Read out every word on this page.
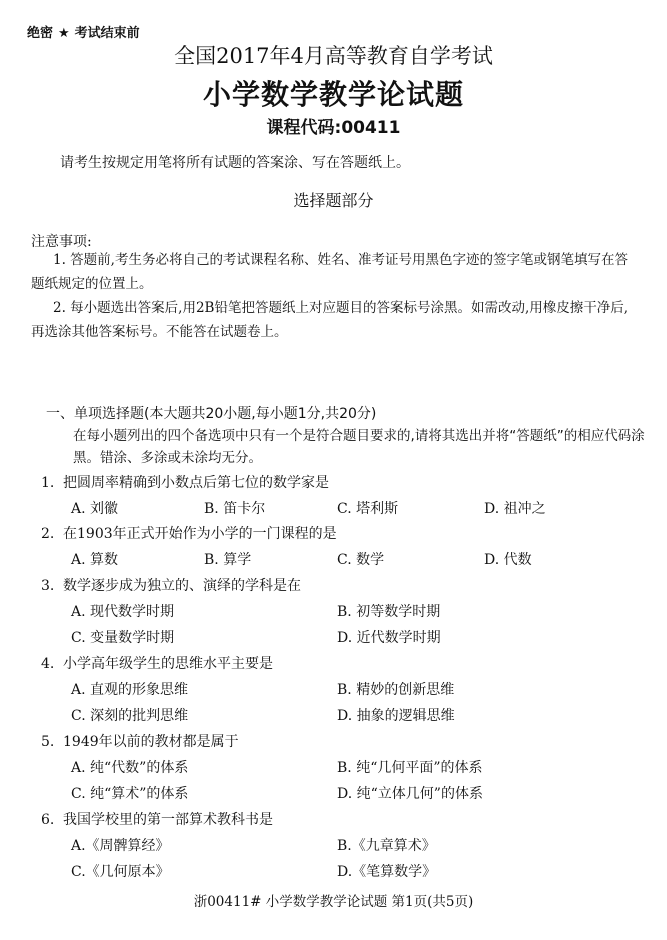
绝密 ★ 考试结束前
全国2017年4月高等教育自学考试
小学数学教学论试题
课程代码:00411
请考生按规定用笔将所有试题的答案涂、写在答题纸上。
选择题部分
注意事项:
1. 答题前,考生务必将自己的考试课程名称、姓名、准考证号用黑色字迹的签字笔或钢笔填写在答题纸规定的位置上。
2. 每小题选出答案后,用2B铅笔把答题纸上对应题目的答案标号涂黑。如需改动,用橡皮擦干净后,再选涂其他答案标号。不能答在试题卷上。
一、单项选择题(本大题共20小题,每小题1分,共20分)
在每小题列出的四个备选项中只有一个是符合题目要求的,请将其选出并将“答题纸”的相应代码涂黑。错涂、多涂或未涂均无分。
1. 把圆周率精确到小数点后第七位的数学家是
A. 刘徽	B. 笛卡尔	C. 塔利斯	D. 祖冲之
2. 在1903年正式开始作为小学的一门课程的是
A. 算数	B. 算学	C. 数学	D. 代数
3. 数学逐步成为独立的、演绎的学科是在
A. 现代数学时期	B. 初等数学时期
C. 变量数学时期	D. 近代数学时期
4. 小学高年级学生的思维水平主要是
A. 直观的形象思维	B. 精妙的创新思维
C. 深刻的批判思维	D. 抽象的逻辑思维
5. 1949年以前的教材都是属于
A. 纯“代数”的体系	B. 纯“几何平面”的体系
C. 纯“算术”的体系	D. 纯“立体几何”的体系
6. 我国学校里的第一部算术教科书是
A.《周髀算经》	B.《九章算术》
C.《几何原本》	D.《笔算数学》
浙00411# 小学数学教学论试题 第1页(共5页)
